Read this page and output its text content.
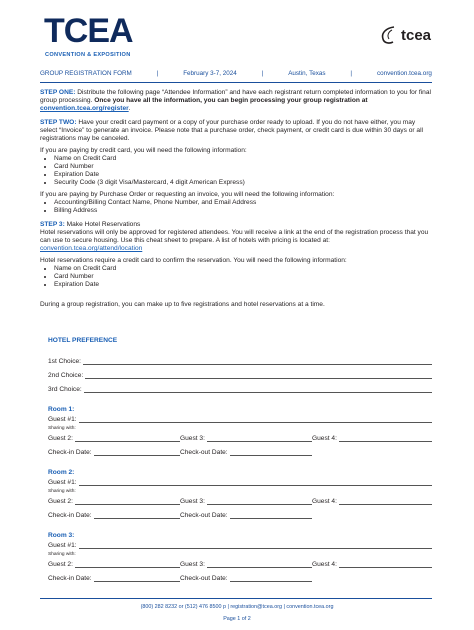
TCEA
CONVENTION & EXPOSITION
tcea
GROUP REGISTRATION FORM	|	February 3-7, 2024	|	Austin, Texas	|	convention.tcea.org

STEP ONE: Distribute the following page “Attendee Information” and have each registrant return completed information to you for final group processing. Once you have all the information, you can begin processing your group registration at convention.tcea.org/register.

STEP TWO: Have your credit card payment or a copy of your purchase order ready to upload. If you do not have either, you may select “Invoice” to generate an invoice. Please note that a purchase order, check payment, or credit card is due within 30 days or all registrations may be canceled.

If you are paying by credit card, you will need the following information:
• Name on Credit Card
• Card Number
• Expiration Date
• Security Code (3 digit Visa/Mastercard, 4 digit American Express)
If you are paying by Purchase Order or requesting an invoice, you will need the following information:
• Accounting/Billing Contact Name, Phone Number, and Email Address
• Billing Address

STEP 3: Make Hotel Reservations
Hotel reservations will only be approved for registered attendees. You will receive a link at the end of the registration process that you can use to secure housing. Use this cheat sheet to prepare. A list of hotels with pricing is located at: convention.tcea.org/attend/location

Hotel reservations require a credit card to confirm the reservation. You will need the following information:
• Name on Credit Card
• Card Number
• Expiration Date

During a group registration, you can make up to five registrations and hotel reservations at a time.

HOTEL PREFERENCE
1st Choice:
2nd Choice:
3rd Choice:
Room 1:
Guest #1:
Sharing with:
Guest 2:	Guest 3:	Guest 4:
Check-in Date:	Check-out Date:
Room 2:
Guest #1:
Sharing with:
Guest 2:	Guest 3:	Guest 4:
Check-in Date:	Check-out Date:
Room 3:
Guest #1:
Sharing with:
Guest 2:	Guest 3:	Guest 4:
Check-in Date:	Check-out Date:
(800) 282 8232 or (512) 476 8500 p | registration@tcea.org | convention.tcea.org
Page 1 of 2
